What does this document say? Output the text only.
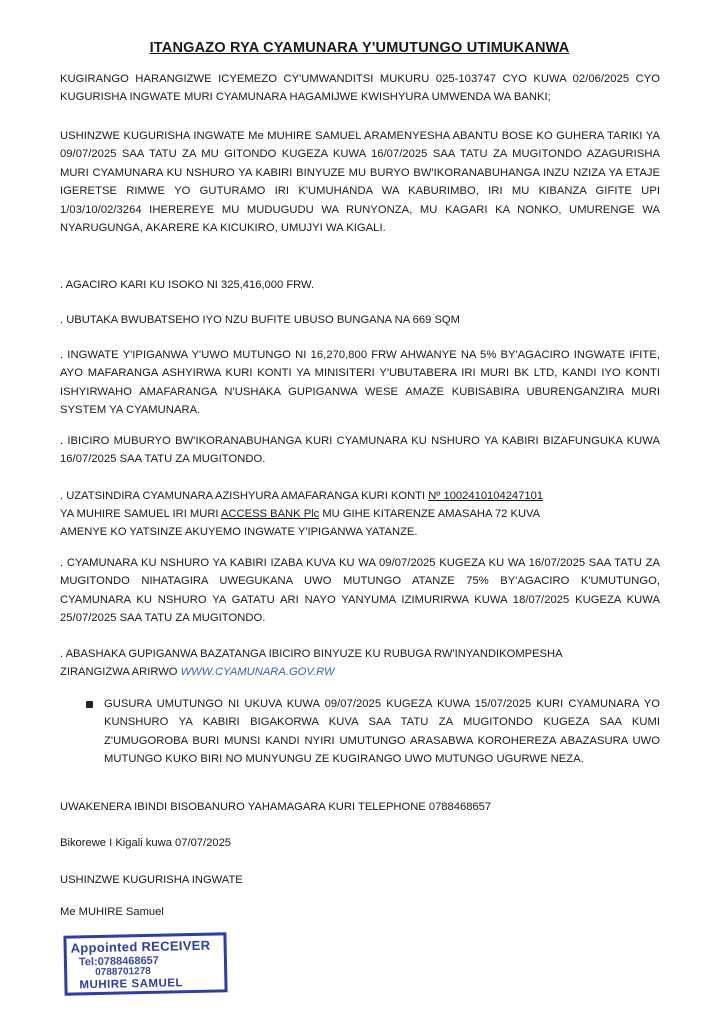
ITANGAZO RYA CYAMUNARA Y'UMUTUNGO UTIMUKANWA
KUGIRANGO HARANGIZWE ICYEMEZO CY'UMWANDITSI MUKURU 025-103747 CYO KUWA 02/06/2025 CYO KUGURISHA INGWATE MURI CYAMUNARA HAGAMIJWE KWISHYURA UMWENDA WA BANKI;
USHINZWE KUGURISHA INGWATE Me MUHIRE SAMUEL ARAMENYESHA ABANTU BOSE KO GUHERA TARIKI YA 09/07/2025 SAA TATU ZA MU GITONDO KUGEZA KUWA 16/07/2025 SAA TATU ZA MUGITONDO AZAGURISHA MURI CYAMUNARA KU NSHURO YA KABIRI BINYUZE MU BURYO BW'IKORANABUHANGA INZU NZIZA YA ETAJE IGERETSE RIMWE YO GUTURAMO IRI K'UMUHANDA WA KABURIMBO, IRI MU KIBANZA GIFITE UPI 1/03/10/02/3264 IHEREREYE MU MUDUGUDU WA RUNYONZA, MU KAGARI KA NONKO, UMURENGE WA NYARUGUNGA, AKARERE KA KICUKIRO, UMUJYI WA KIGALI.
. AGACIRO KARI KU ISOKO NI 325,416,000 FRW.
. UBUTAKA BWUBATSEHO IYO NZU BUFITE UBUSO BUNGANA NA 669 SQM
. INGWATE Y'IPIGANWA Y'UWO MUTUNGO NI 16,270,800 FRW AHWANYE NA 5% BY'AGACIRO INGWATE IFITE, AYO MAFARANGA ASHYIRWA KURI KONTI YA MINISITERI Y'UBUTABERA IRI MURI BK LTD, KANDI IYO KONTI ISHYIRWAHO AMAFARANGA N'USHAKA GUPIGANWA WESE AMAZE KUBISABIRA UBURENGANZIRA MURI SYSTEM YA CYAMUNARA.
. IBICIRO MUBURYO BW'IKORANABUHANGA KURI CYAMUNARA KU NSHURO YA KABIRI BIZAFUNGUKA KUWA 16/07/2025 SAA TATU ZA MUGITONDO.
. UZATSINDIRA CYAMUNARA AZISHYURA AMAFARANGA KURI KONTI Nº 1002410104247101
YA MUHIRE SAMUEL IRI MURI ACCESS BANK Plc MU GIHE KITARENZE AMASAHA 72 KUVA
AMENYE KO YATSINZE AKUYEMO INGWATE Y'IPIGANWA YATANZE.
. CYAMUNARA KU NSHURO YA KABIRI IZABA KUVA KU WA 09/07/2025 KUGEZA KU WA 16/07/2025 SAA TATU ZA MUGITONDO NIHATAGIRA UWEGUKANA UWO MUTUNGO ATANZE 75% BY'AGACIRO K'UMUTUNGO, CYAMUNARA KU NSHURO YA GATATU ARI NAYO YANYUMA IZIMURIRWA KUWA 18/07/2025 KUGEZA KUWA 25/07/2025 SAA TATU ZA MUGITONDO.
. ABASHAKA GUPIGANWA BAZATANGA IBICIRO BINYUZE KU RUBUGA RW'INYANDIKOMPESHA
ZIRANGIZWA ARIRWO WWW.CYAMUNARA.GOV.RW
GUSURA UMUTUNGO NI UKUVA KUWA 09/07/2025 KUGEZA KUWA 15/07/2025 KURI CYAMUNARA YO KUNSHURO YA KABIRI BIGAKORWA KUVA SAA TATU ZA MUGITONDO KUGEZA SAA KUMI Z'UMUGOROBA BURI MUNSI KANDI NYIRI UMUTUNGO ARASABWA KOROHEREZA ABAZASURA UWO MUTUNGO KUKO BIRI NO MUNYUNGU ZE KUGIRANGO UWO MUTUNGO UGURWE NEZA.
UWAKENERA IBINDI BISOBANURO YAHAMAGARA KURI TELEPHONE 0788468657
Bikorewe I Kigali kuwa 07/07/2025
USHINZWE KUGURISHA INGWATE
Me MUHIRE Samuel
Appointed RECEIVER
Tel:0788468657
0788701278
MUHIRE SAMUEL
